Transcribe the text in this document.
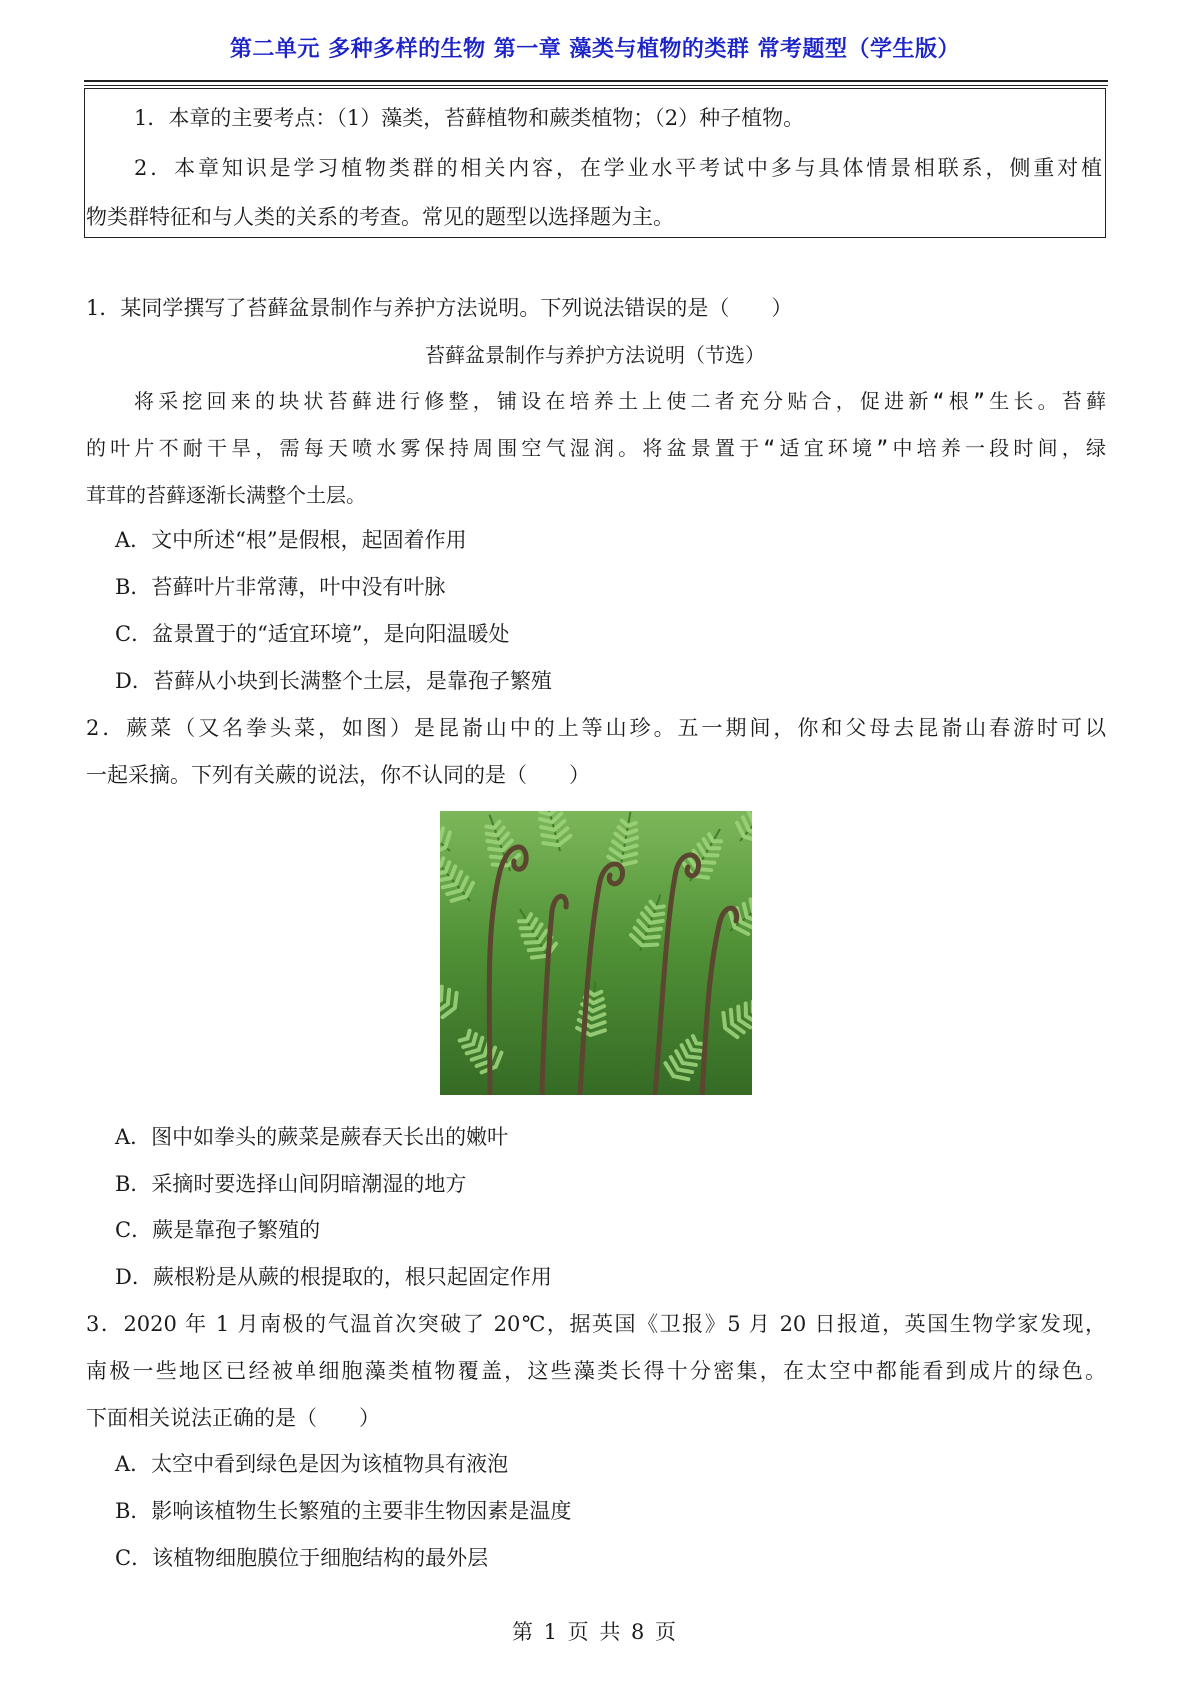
第二单元 多种多样的生物 第一章 藻类与植物的类群 常考题型（学生版）
1．本章的主要考点：（1）藻类，苔藓植物和蕨类植物；（2）种子植物。
2．本章知识是学习植物类群的相关内容，在学业水平考试中多与具体情景相联系，侧重对植
物类群特征和与人类的关系的考查。常见的题型以选择题为主。
1．某同学撰写了苔藓盆景制作与养护方法说明。下列说法错误的是（　　）
苔藓盆景制作与养护方法说明（节选）
将采挖回来的块状苔藓进行修整，铺设在培养土上使二者充分贴合，促进新“根”生长。苔藓
的叶片不耐干旱，需每天喷水雾保持周围空气湿润。将盆景置于“适宜环境”中培养一段时间，绿
茸茸的苔藓逐渐长满整个土层。
A．文中所述“根”是假根，起固着作用
B．苔藓叶片非常薄，叶中没有叶脉
C．盆景置于的“适宜环境”，是向阳温暖处
D．苔藓从小块到长满整个土层，是靠孢子繁殖
2．蕨菜（又名拳头菜，如图）是昆嵛山中的上等山珍。五一期间，你和父母去昆嵛山春游时可以
一起采摘。下列有关蕨的说法，你不认同的是（　　）
A．图中如拳头的蕨菜是蕨春天长出的嫩叶
B．采摘时要选择山间阴暗潮湿的地方
C．蕨是靠孢子繁殖的
D．蕨根粉是从蕨的根提取的，根只起固定作用
3．2020 年 1 月南极的气温首次突破了 20℃，据英国《卫报》5 月 20 日报道，英国生物学家发现，
南极一些地区已经被单细胞藻类植物覆盖，这些藻类长得十分密集，在太空中都能看到成片的绿色。
下面相关说法正确的是（　　）
A．太空中看到绿色是因为该植物具有液泡
B．影响该植物生长繁殖的主要非生物因素是温度
C．该植物细胞膜位于细胞结构的最外层
第 1 页 共 8 页
